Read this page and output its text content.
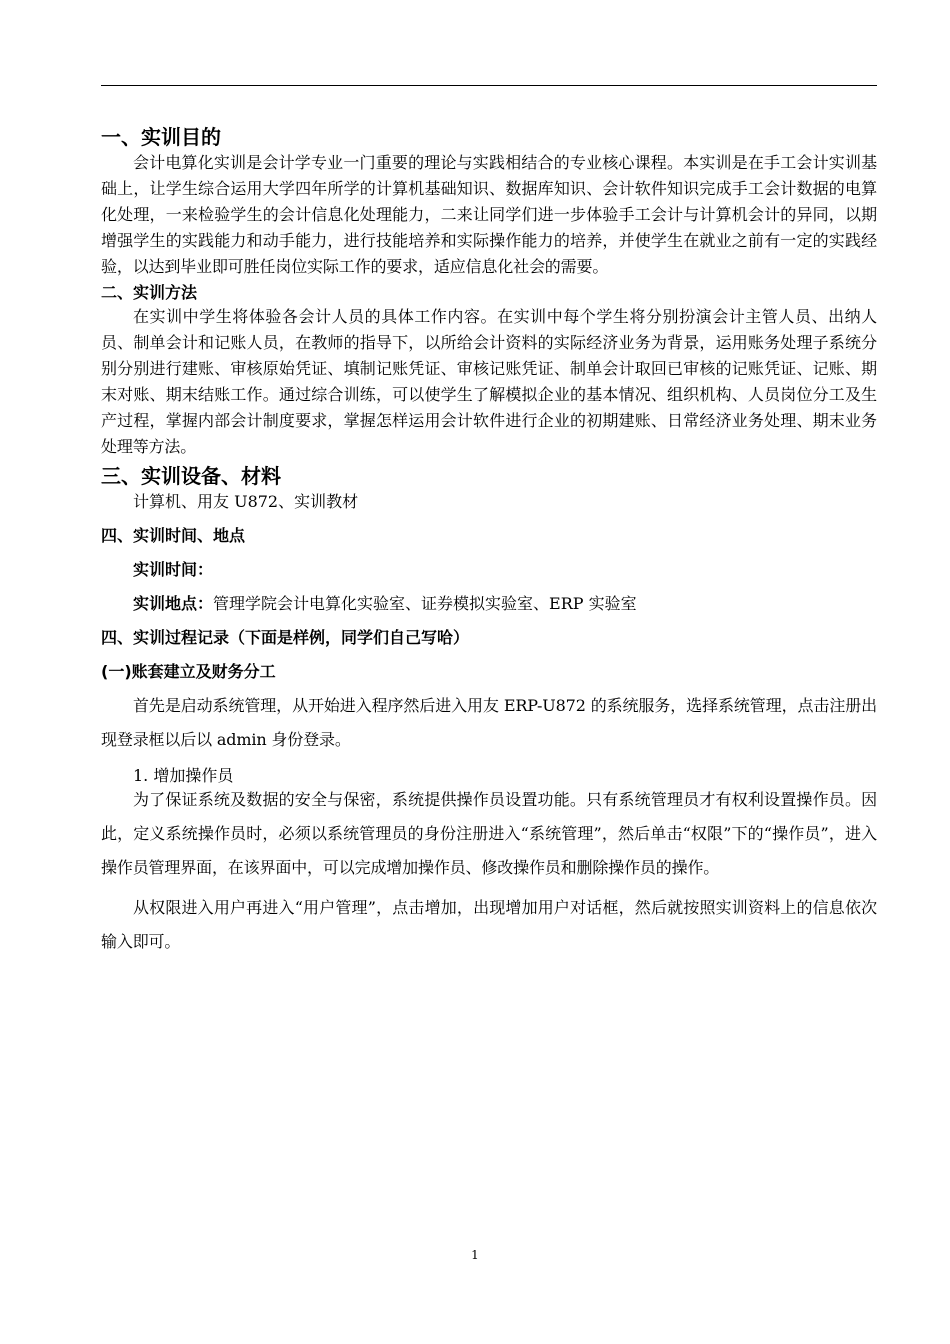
一、实训目的

会计电算化实训是会计学专业一门重要的理论与实践相结合的专业核心课程。本实训是在手工会计实训基础上，让学生综合运用大学四年所学的计算机基础知识、数据库知识、会计软件知识完成手工会计数据的电算化处理，一来检验学生的会计信息化处理能力，二来让同学们进一步体验手工会计与计算机会计的异同，以期增强学生的实践能力和动手能力，进行技能培养和实际操作能力的培养，并使学生在就业之前有一定的实践经验，以达到毕业即可胜任岗位实际工作的要求，适应信息化社会的需要。

二、实训方法

在实训中学生将体验各会计人员的具体工作内容。在实训中每个学生将分别扮演会计主管人员、出纳人员、制单会计和记账人员，在教师的指导下，以所给会计资料的实际经济业务为背景，运用账务处理子系统分别分别进行建账、审核原始凭证、填制记账凭证、审核记账凭证、制单会计取回已审核的记账凭证、记账、期末对账、期末结账工作。通过综合训练，可以使学生了解模拟企业的基本情况、组织机构、人员岗位分工及生产过程，掌握内部会计制度要求，掌握怎样运用会计软件进行企业的初期建账、日常经济业务处理、期末业务处理等方法。

三、实训设备、材料

计算机、用友 U872、实训教材

四、实训时间、地点

实训时间：

实训地点：管理学院会计电算化实验室、证券模拟实验室、ERP 实验室

四、实训过程记录（下面是样例，同学们自己写哈）
(一)账套建立及财务分工

首先是启动系统管理，从开始进入程序然后进入用友 ERP-U872 的系统服务，选择系统管理，点击注册出现登录框以后以 admin 身份登录。

1. 增加操作员

为了保证系统及数据的安全与保密，系统提供操作员设置功能。只有系统管理员才有权利设置操作员。因此，定义系统操作员时，必须以系统管理员的身份注册进入“系统管理”，然后单击“权限”下的“操作员”，进入操作员管理界面，在该界面中，可以完成增加操作员、修改操作员和删除操作员的操作。

从权限进入用户再进入“用户管理”，点击增加，出现增加用户对话框，然后就按照实训资料上的信息依次输入即可。

1
